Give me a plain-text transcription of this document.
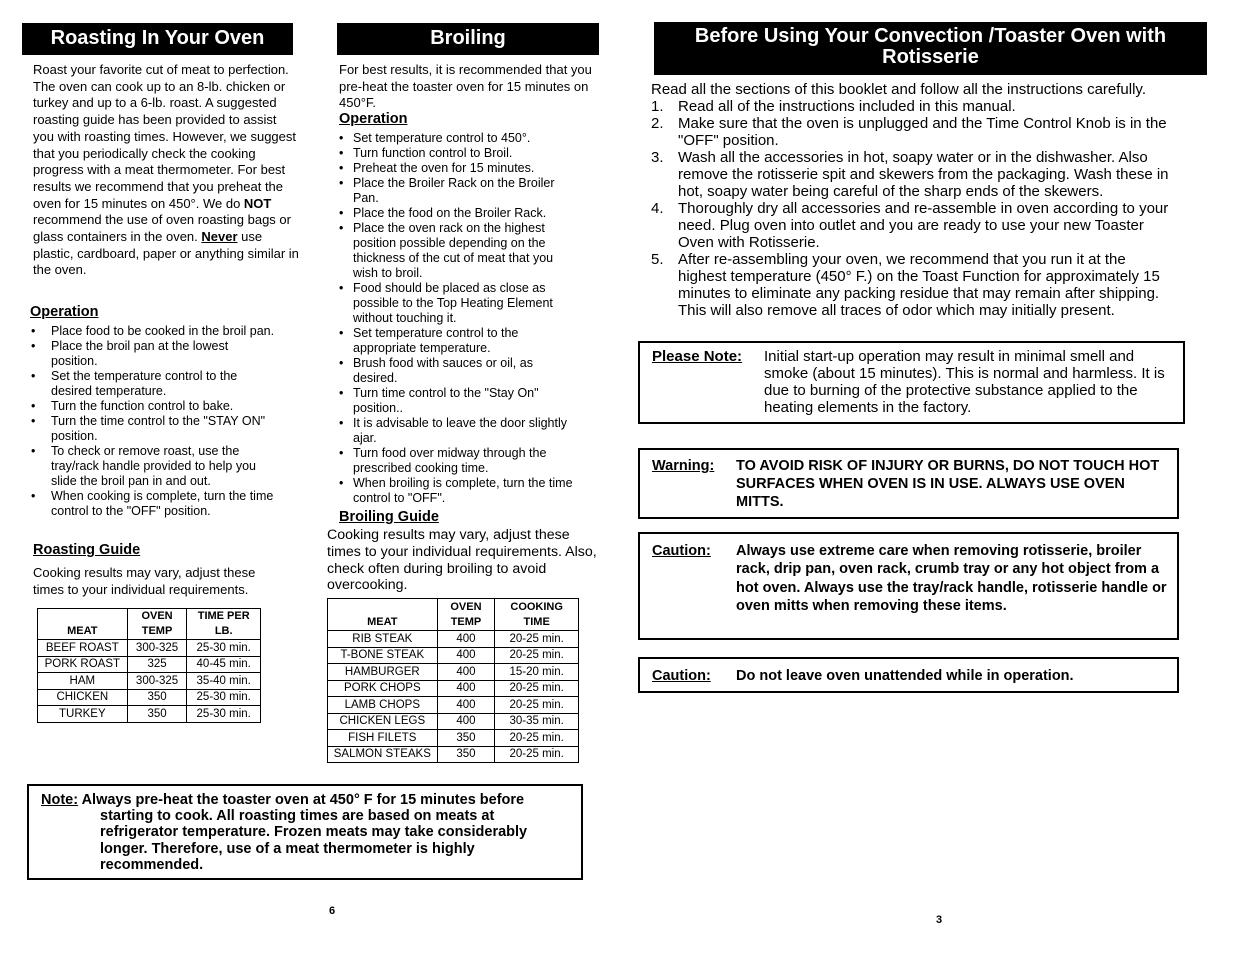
Roasting In Your Oven
Roast your favorite cut of meat to perfection. The oven can cook up to an 8-lb. chicken or turkey and up to a 6-lb. roast. A suggested roasting guide has been provided to assist you with roasting times. However, we suggest that you periodically check the cooking progress with a meat thermometer. For best results we recommend that you preheat the oven for 15 minutes on 450°. We do NOT recommend the use of oven roasting bags or glass containers in the oven. Never use plastic, cardboard, paper or anything similar in the oven.
Operation
• Place food to be cooked in the broil pan.
• Place the broil pan at the lowest position.
• Set the temperature control to the desired temperature.
• Turn the function control to bake.
• Turn the time control to the "STAY ON" position.
• To check or remove roast, use the tray/rack handle provided to help you slide the broil pan in and out.
• When cooking is complete, turn the time control to the "OFF" position.
Roasting Guide
Cooking results may vary, adjust these times to your individual requirements.
MEAT	OVEN TEMP	TIME PER LB.
BEEF ROAST	300-325	25-30 min.
PORK ROAST	325	40-45 min.
HAM	300-325	35-40 min.
CHICKEN	350	25-30 min.
TURKEY	350	25-30 min.
Broiling
For best results, it is recommended that you pre-heat the toaster oven for 15 minutes on 450°F.
Operation
• Set temperature control to 450°.
• Turn function control to Broil.
• Preheat the oven for 15 minutes.
• Place the Broiler Rack on the Broiler Pan.
• Place the food on the Broiler Rack.
• Place the oven rack on the highest position possible depending on the thickness of the cut of meat that you wish to broil.
• Food should be placed as close as possible to the Top Heating Element without touching it.
• Set temperature control to the appropriate temperature.
• Brush food with sauces or oil, as desired.
• Turn time control to the "Stay On" position..
• It is advisable to leave the door slightly ajar.
• Turn food over midway through the prescribed cooking time.
• When broiling is complete, turn the time control to "OFF".
Broiling Guide
Cooking results may vary, adjust these times to your individual requirements. Also, check often during broiling to avoid overcooking.
MEAT	OVEN TEMP	COOKING TIME
RIB STEAK	400	20-25 min.
T-BONE STEAK	400	20-25 min.
HAMBURGER	400	15-20 min.
PORK CHOPS	400	20-25 min.
LAMB CHOPS	400	20-25 min.
CHICKEN LEGS	400	30-35 min.
FISH FILETS	350	20-25 min.
SALMON STEAKS	350	20-25 min.
Note: Always pre-heat the toaster oven at 450° F for 15 minutes before starting to cook. All roasting times are based on meats at refrigerator temperature. Frozen meats may take considerably longer. Therefore, use of a meat thermometer is highly recommended.
6
Before Using Your Convection /Toaster Oven with
Rotisserie
Read all the sections of this booklet and follow all the instructions carefully.
1. Read all of the instructions included in this manual.
2. Make sure that the oven is unplugged and the Time Control Knob is in the "OFF" position.
3. Wash all the accessories in hot, soapy water or in the dishwasher. Also remove the rotisserie spit and skewers from the packaging. Wash these in hot, soapy water being careful of the sharp ends of the skewers.
4. Thoroughly dry all accessories and re-assemble in oven according to your need. Plug oven into outlet and you are ready to use your new Toaster Oven with Rotisserie.
5. After re-assembling your oven, we recommend that you run it at the highest temperature (450° F.) on the Toast Function for approximately 15 minutes to eliminate any packing residue that may remain after shipping. This will also remove all traces of odor which may initially present.
Please Note:	Initial start-up operation may result in minimal smell and smoke (about 15 minutes). This is normal and harmless. It is due to burning of the protective substance applied to the heating elements in the factory.
Warning:	TO AVOID RISK OF INJURY OR BURNS, DO NOT TOUCH HOT SURFACES WHEN OVEN IS IN USE. ALWAYS USE OVEN MITTS.
Caution:	Always use extreme care when removing rotisserie, broiler rack, drip pan, oven rack, crumb tray or any hot object from a hot oven. Always use the tray/rack handle, rotisserie handle or oven mitts when removing these items.
Caution:	Do not leave oven unattended while in operation.
3
